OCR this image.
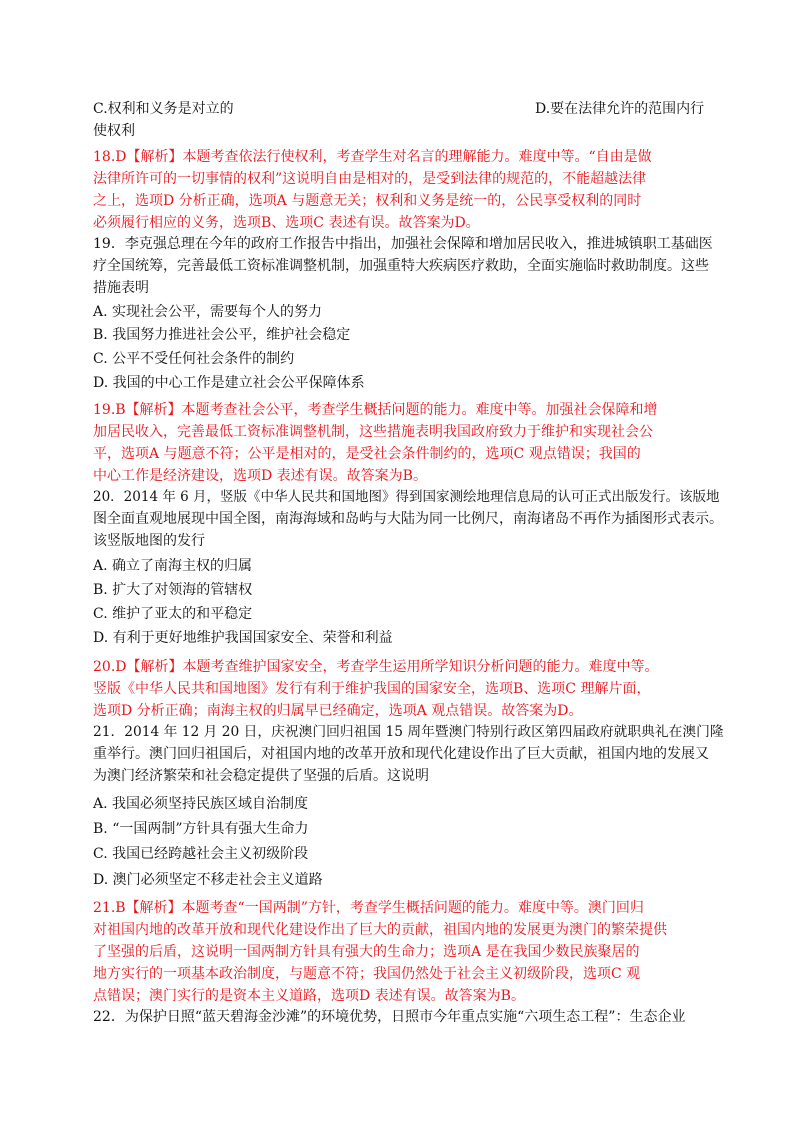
C.权利和义务是对立的	D.要在法律允许的范围内行
使权利
18.D【解析】本题考查依法行使权利，考查学生对名言的理解能力。难度中等。“自由是做
法律所许可的一切事情的权利”这说明自由是相对的，是受到法律的规范的，不能超越法律
之上，选项D 分析正确，选项A 与题意无关；权利和义务是统一的，公民享受权利的同时
必须履行相应的义务，选项B、选项C 表述有误。故答案为D。
19．李克强总理在今年的政府工作报告中指出，加强社会保障和增加居民收入，推进城镇职工基础医
疗全国统筹，完善最低工资标准调整机制，加强重特大疾病医疗救助，全面实施临时救助制度。这些
措施表明
A. 实现社会公平，需要每个人的努力
B. 我国努力推进社会公平，维护社会稳定
C. 公平不受任何社会条件的制约
D. 我国的中心工作是建立社会公平保障体系
19.B【解析】本题考查社会公平，考查学生概括问题的能力。难度中等。加强社会保障和增
加居民收入，完善最低工资标准调整机制，这些措施表明我国政府致力于维护和实现社会公
平，选项A 与题意不符；公平是相对的，是受社会条件制约的，选项C 观点错误；我国的
中心工作是经济建设，选项D 表述有误。故答案为B。
20．2014 年 6 月，竖版《中华人民共和国地图》得到国家测绘地理信息局的认可正式出版发行。该版地
图全面直观地展现中国全图，南海海域和岛屿与大陆为同一比例尺，南海诸岛不再作为插图形式表示。
该竖版地图的发行
A. 确立了南海主权的归属
B. 扩大了对领海的管辖权
C. 维护了亚太的和平稳定
D. 有利于更好地维护我国国家安全、荣誉和利益
20.D【解析】本题考查维护国家安全，考查学生运用所学知识分析问题的能力。难度中等。
竖版《中华人民共和国地图》发行有利于维护我国的国家安全，选项B、选项C 理解片面，
选项D 分析正确；南海主权的归属早已经确定，选项A 观点错误。故答案为D。
21．2014 年 12 月 20 日，庆祝澳门回归祖国 15 周年暨澳门特别行政区第四届政府就职典礼在澳门隆
重举行。澳门回归祖国后，对祖国内地的改革开放和现代化建设作出了巨大贡献，祖国内地的发展又
为澳门经济繁荣和社会稳定提供了坚强的后盾。这说明
A. 我国必须坚持民族区域自治制度
B. “一国两制”方针具有强大生命力
C. 我国已经跨越社会主义初级阶段
D. 澳门必须坚定不移走社会主义道路
21.B【解析】本题考查“一国两制”方针，考查学生概括问题的能力。难度中等。澳门回归
对祖国内地的改革开放和现代化建设作出了巨大的贡献，祖国内地的发展更为澳门的繁荣提供
了坚强的后盾，这说明一国两制方针具有强大的生命力；选项A 是在我国少数民族聚居的
地方实行的一项基本政治制度，与题意不符；我国仍然处于社会主义初级阶段，选项C 观
点错误；澳门实行的是资本主义道路，选项D 表述有误。故答案为B。
22．为保护日照“蓝天碧海金沙滩”的环境优势，日照市今年重点实施“六项生态工程”：生态企业
